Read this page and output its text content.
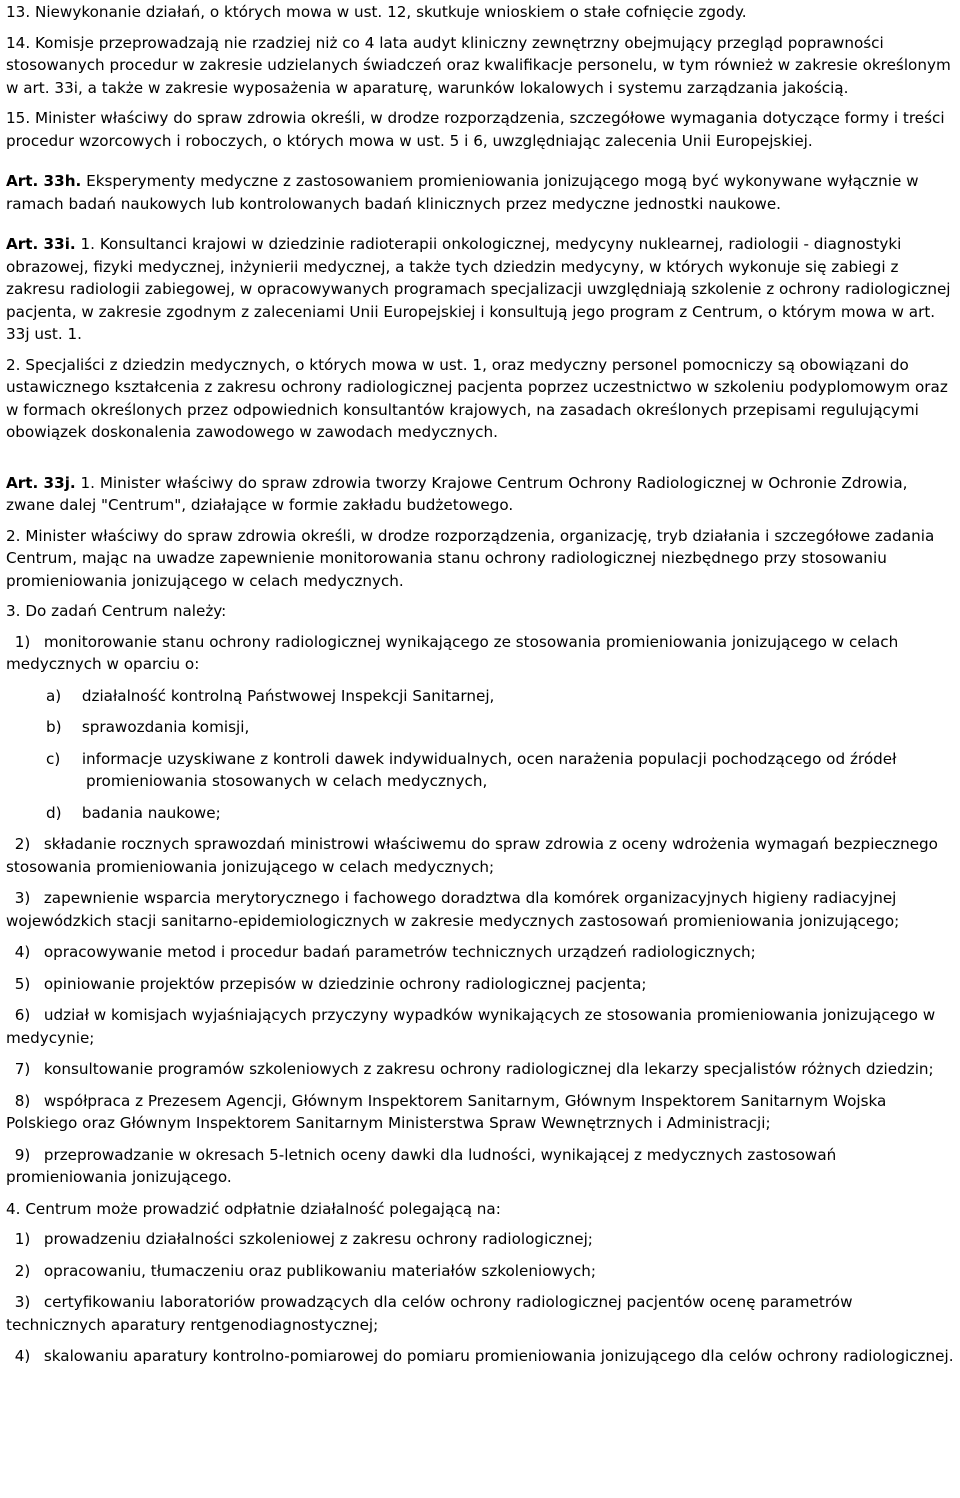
13. Niewykonanie działań, o których mowa w ust. 12, skutkuje wnioskiem o stałe cofnięcie zgody.

14. Komisje przeprowadzają nie rzadziej niż co 4 lata audyt kliniczny zewnętrzny obejmujący przegląd poprawności stosowanych procedur w zakresie udzielanych świadczeń oraz kwalifikacje personelu, w tym również w zakresie określonym w art. 33i, a także w zakresie wyposażenia w aparaturę, warunków lokalowych i systemu zarządzania jakością.

15. Minister właściwy do spraw zdrowia określi, w drodze rozporządzenia, szczegółowe wymagania dotyczące formy i treści procedur wzorcowych i roboczych, o których mowa w ust. 5 i 6, uwzględniając zalecenia Unii Europejskiej.

Art. 33h. Eksperymenty medyczne z zastosowaniem promieniowania jonizującego mogą być wykonywane wyłącznie w ramach badań naukowych lub kontrolowanych badań klinicznych przez medyczne jednostki naukowe.

Art. 33i. 1. Konsultanci krajowi w dziedzinie radioterapii onkologicznej, medycyny nuklearnej, radiologii - diagnostyki obrazowej, fizyki medycznej, inżynierii medycznej, a także tych dziedzin medycyny, w których wykonuje się zabiegi z zakresu radiologii zabiegowej, w opracowywanych programach specjalizacji uwzględniają szkolenie z ochrony radiologicznej pacjenta, w zakresie zgodnym z zaleceniami Unii Europejskiej i konsultują jego program z Centrum, o którym mowa w art. 33j ust. 1.

2. Specjaliści z dziedzin medycznych, o których mowa w ust. 1, oraz medyczny personel pomocniczy są obowiązani do ustawicznego kształcenia z zakresu ochrony radiologicznej pacjenta poprzez uczestnictwo w szkoleniu podyplomowym oraz w formach określonych przez odpowiednich konsultantów krajowych, na zasadach określonych przepisami regulującymi obowiązek doskonalenia zawodowego w zawodach medycznych.

Art. 33j. 1. Minister właściwy do spraw zdrowia tworzy Krajowe Centrum Ochrony Radiologicznej w Ochronie Zdrowia, zwane dalej "Centrum", działające w formie zakładu budżetowego.

2. Minister właściwy do spraw zdrowia określi, w drodze rozporządzenia, organizację, tryb działania i szczegółowe zadania Centrum, mając na uwadze zapewnienie monitorowania stanu ochrony radiologicznej niezbędnego przy stosowaniu promieniowania jonizującego w celach medycznych.

3. Do zadań Centrum należy:

1) monitorowanie stanu ochrony radiologicznej wynikającego ze stosowania promieniowania jonizującego w celach medycznych w oparciu o:
a) działalność kontrolną Państwowej Inspekcji Sanitarnej,
b) sprawozdania komisji,
c) informacje uzyskiwane z kontroli dawek indywidualnych, ocen narażenia populacji pochodzącego od źródeł
promieniowania stosowanych w celach medycznych,
d) badania naukowe;
2) składanie rocznych sprawozdań ministrowi właściwemu do spraw zdrowia z oceny wdrożenia wymagań bezpiecznego stosowania promieniowania jonizującego w celach medycznych;
3) zapewnienie wsparcia merytorycznego i fachowego doradztwa dla komórek organizacyjnych higieny radiacyjnej wojewódzkich stacji sanitarno-epidemiologicznych w zakresie medycznych zastosowań promieniowania jonizującego;
4) opracowywanie metod i procedur badań parametrów technicznych urządzeń radiologicznych;
5) opiniowanie projektów przepisów w dziedzinie ochrony radiologicznej pacjenta;
6) udział w komisjach wyjaśniających przyczyny wypadków wynikających ze stosowania promieniowania jonizującego w medycynie;
7) konsultowanie programów szkoleniowych z zakresu ochrony radiologicznej dla lekarzy specjalistów różnych dziedzin;
8) współpraca z Prezesem Agencji, Głównym Inspektorem Sanitarnym, Głównym Inspektorem Sanitarnym Wojska Polskiego oraz Głównym Inspektorem Sanitarnym Ministerstwa Spraw Wewnętrznych i Administracji;
9) przeprowadzanie w okresach 5-letnich oceny dawki dla ludności, wynikającej z medycznych zastosowań promieniowania jonizującego.

4. Centrum może prowadzić odpłatnie działalność polegającą na:

1) prowadzeniu działalności szkoleniowej z zakresu ochrony radiologicznej;
2) opracowaniu, tłumaczeniu oraz publikowaniu materiałów szkoleniowych;
3) certyfikowaniu laboratoriów prowadzących dla celów ochrony radiologicznej pacjentów ocenę parametrów technicznych aparatury rentgenodiagnostycznej;
4) skalowaniu aparatury kontrolno-pomiarowej do pomiaru promieniowania jonizującego dla celów ochrony radiologicznej.
